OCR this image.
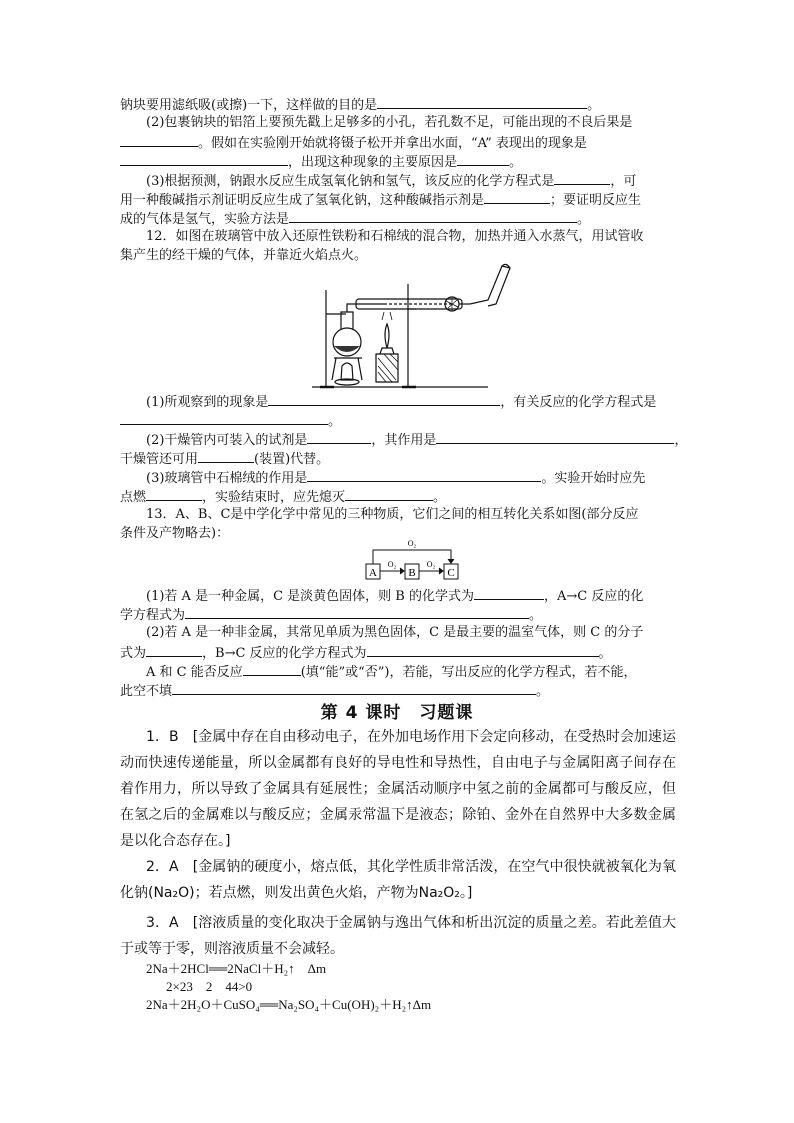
钠块要用滤纸吸(或擦)一下，这样做的目的是	。
(2)包裹钠块的铝箔上要预先戳上足够多的小孔，若孔数不足，可能出现的不良后果是
。假如在实验刚开始就将镊子松开并拿出水面，“A” 表现出的现象是
，出现这种现象的主要原因是	。
(3)根据预测，钠跟水反应生成氢氧化钠和氢气，该反应的化学方程式是	，可
用一种酸碱指示剂证明反应生成了氢氧化钠，这种酸碱指示剂是	；要证明反应生
成的气体是氢气，实验方法是	。
12．如图在玻璃管中放入还原性铁粉和石棉绒的混合物，加热并通入水蒸气，用试管收
集产生的经干燥的气体，并靠近火焰点火。
(1)所观察到的现象是	，有关反应的化学方程式是
。
(2)干燥管内可装入的试剂是	，其作用是	，
干燥管还可用	(装置)代替。
(3)玻璃管中石棉绒的作用是	。实验开始时应先
点燃	，实验结束时，应先熄灭	。
13．A、B、C是中学化学中常见的三种物质，它们之间的相互转化关系如图(部分反应
条件及产物略去)：
A	B	C
O₂
O₂	O₂
(1)若 A 是一种金属，C 是淡黄色固体，则 B 的化学式为	，A→C 反应的化
学方程式为	。
(2)若 A 是一种非金属，其常见单质为黑色固体，C 是最主要的温室气体，则 C 的分子
式为	，B→C 反应的化学方程式为	。
A 和 C 能否反应	(填“能”或“否”)，若能，写出反应的化学方程式，若不能，
此空不填	。
第 4 课时　习题课
1．B　[金属中存在自由移动电子，在外加电场作用下会定向移动，在受热时会加速运动而快速传递能量，所以金属都有良好的导电性和导热性，自由电子与金属阳离子间存在着作用力，所以导致了金属具有延展性；金属活动顺序中氢之前的金属都可与酸反应，但在氢之后的金属难以与酸反应；金属汞常温下是液态；除铂、金外在自然界中大多数金属是以化合态存在。]
2．A　[金属钠的硬度小，熔点低，其化学性质非常活泼，在空气中很快就被氧化为氧化钠(Na₂O)；若点燃，则发出黄色火焰，产物为Na₂O₂。]
3．A　[溶液质量的变化取决于金属钠与逸出气体和析出沉淀的质量之差。若此差值大于或等于零，则溶液质量不会减轻。
2Na＋2HCl══2NaCl＋H₂↑　Δm
2×23　2　44>0
2Na＋2H₂O＋CuSO₄══Na₂SO₄＋Cu(OH)₂＋H₂↑Δm
